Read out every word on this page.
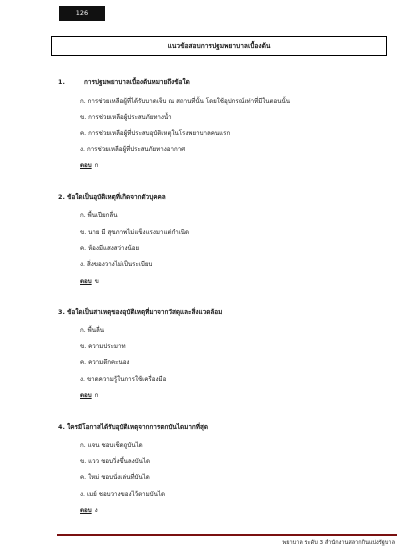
126
แนวข้อสอบการปฐมพยาบาลเบื้องต้น
1.	การปฐมพยาบาลเบื้องต้นหมายถึงข้อใด
ก. การช่วยเหลือผู้ที่ได้รับบาดเจ็บ ณ สถานที่นั้น โดยใช้อุปกรณ์เท่าที่มีในตอนนั้น
ข. การช่วยเหลือผู้ประสบภัยทางน้ำ
ค. การช่วยเหลือผู้ที่ประสบอุบัติเหตุในโรงพยาบาลคนแรก
ง. การช่วยเหลือผู้ที่ประสบภัยทางอากาศ
ตอบ ก
2. ข้อใดเป็นอุบัติเหตุที่เกิดจากตัวบุคคล
ก. พื้นเปียกลื่น
ข. นาย มี สุขภาพไม่แข็งแรงมาแต่กำเนิด
ค. ห้องมีแสงสว่างน้อย
ง. สิ่งของวางไม่เป็นระเบียบ
ตอบ ข
3. ข้อใดเป็นสาเหตุของอุบัติเหตุที่มาจากวัสดุและสิ่งแวดล้อม
ก. พื้นลื่น
ข. ความประมาท
ค. ความตึกคะนอง
ง. ขาดความรู้ในการใช้เครื่องมือ
ตอบ ก
4. ใครมีโอกาสได้รับอุบัติเหตุจากการตกบันไดมากที่สุด
ก. แจน ชอบเช็ดถูบันได
ข. แวว ชอบวิ่งขึ้นลงบันได
ค. ใหม่ ชอบนั่งเล่นที่บันได
ง. เมย์ ชอบวางของไว้ตามบันได
ตอบ ง
พยาบาล ระดับ 3 สำนักงานสลากกินแบ่งรัฐบาล
